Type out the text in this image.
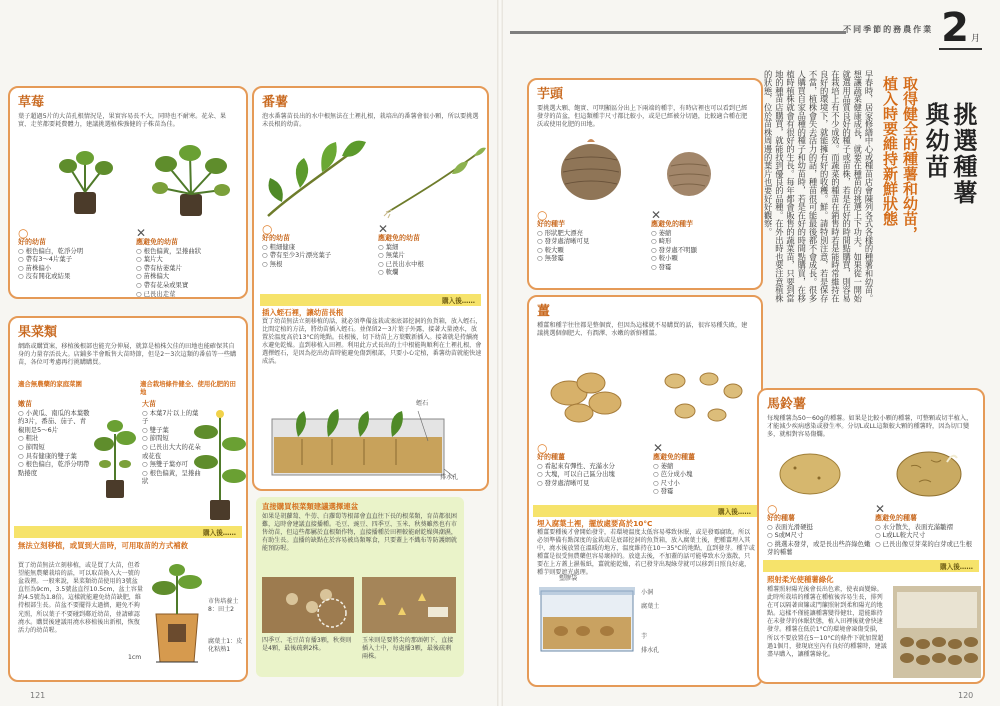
草莓
葉子超過5片的大苗孔根情況是，果實容易長不大，同時也不耐寒。花朵、果實、走莖都要耗費體力，建議挑選植株強健的子株苗為佳。
○
好的幼苗
○ 根色偏白，乾淨分明
○ 帶有3～4片葉子
○ 苗株偏小
○ 沒有開花或結果
✕
應避免的幼苗
○ 根色偏黃，呈捲曲狀
○ 葉片大
○ 帶有枯萎葉片
○ 苗株偏大
○ 帶有花朵或果實
○ 已長出走莖
番薯
泡水番薯苗長出的水中根無法在土裡扎根，栽培出的番薯會很小顆，所以要挑選未長根的幼苗。
○
好的幼苗
○ 粗細健康
○ 帶有至少3片漂亮葉子
○ 無根
✕
應避免的幼苗
○ 葉細
○ 無葉片
○ 已長出水中根
○ 軟爛
購入後……
插入蛭石裡，讓幼苗長根
買了幼苗無法立刻移植的話，就必須準備盆栽或塞底部挖洞的魚貨箱，放入蛭石，比間定植的方法，將幼苗插入蛭石。並保留2～3片葉子外露，接著大量澆水，放置於溫度高於13°C的地點。長根後，切下幼苗上方葉數新插入。接著就是持續澆水避免乾燥。直到移植入田裡。利用此方式長出的土中根能夠順利在土裡扎根，會選擇蛭石，是因為挖出幼苗時能避免傷到根部，只要小心定植，番薯幼苗就能快速成活。
蛭石
排水孔
果菜類
網路或購買案，移植後根部也能充分伸展，就算是植株欠佳的田地也能確保其自身的力量存活長大。店鋪多半會販售大苗時節，但是2～3次這類的番茄等一些購苗，各位可考慮再行挑購購買。
適合無農藥的家庭菜園	適合栽培條件健全、使用化肥的田地
嫩苗
○ 小黃瓜、南瓜的本葉數約3片，番茄、茄子、青椒則是5～6片
○ 粗壯
○ 節間短
○ 具有健康的雙子葉
○ 根色偏白，乾淨分明帶點捲度
大苗
○ 本葉7片以上的葉子
○ 雙子葉
○ 節間短
○ 已長出大大的花朵或花苞
○ 無雙子葉亦可
○ 根色偏黃，呈捲曲狀
購入後……
無法立刻移植，或買到大苗時，可用取苗的方式補救
買了幼苗無法立刻移植，或是買了大苗，但希望能無農藥栽培的話，可以取苗換入大一號的盆栽裡。一般來說，果菜類幼苗使用的3號盆直徑為9cm，3.5號盆直徑10.5cm，盆土容量約4.5號為1.8倍。這樣就能避免幼苗缺肥，維持根部生長。苗盆不要擺得太過擠，避免不夠光照，所以葉子不要碰到鄰近幼苗，並請確認澆水。購買後建議用澆水移植後出新根，恢復活力的幼苗喔。
市售培養土8：田土2
腐葉土1：皮化粘熟1
1cm
直接購買根菜類建議選擇連盆
如果是胡蘿蔔、牛蒡、白蘿蔔等根部會直直往下長的根菜類，育苗都很困難，這時會建議直接播種。毛豆、豌豆、四季豆、玉米、秋葵雖然也有市售幼苗，但這些都屬於直根類作物，直接播種於田裡較能耐乾燥與潮濕，有助生長。直播的缺點在於容易被鳥類啄食，只要蓋上不織布等防護網就能預防喔。
四季豆、毛豆苗育播3顆，秋葵則是4顆，最後疏剩2株。
玉米則是要將尖的那頭朝下，直接插入土中，每處播3顆，最後疏剩兩株。
121
不同季節的務農作業 2 月
挑選種薯
與幼苗
取得健全的種薯和幼苗，
植入時要維持新鮮狀態
早春時，居家修繕中心或種苗店會陳列各式各樣的種薯和幼苗。想讓蔬菜健康成長，就要在種苗的挑選上下功夫。如果從一開始就選用品質良好的種子或苗株，若是在好的時間點購買，則容易在栽培上有不少成效。而蔬菜的種苗在銷售時若是能時常維持在良好的環境下，就能擁有好的收穫。鮮。請特別注意，若是保存不當，植株會失去活力的話，種苗很可能最後都不會成長。很多人購買自家品種的種子和幼苗時，若是在好的時間點購買，在移植時植株就會有很好的生長。每年都會販售的蔬菜苗，只要到當地的種苗店購買，就能找到優良的品種。在外出時也要注意植株的狀態，位於苗株周邊的葉片也要好好觀察。
芋頭
要挑選大顆、飽實、可明顯區分出上下兩端的種芋，有時店裡也可以看到已經發芽的苗盆，但這類種芋尺寸都比較小，或是已經被分切過，比較適合種在肥沃或使用化肥的田地。
○
好的種芋
○ 形狀肥大漂亮
○ 發芽處清晰可見
○ 較大顆
○ 無發霉
✕
應避免的種芋
○ 萎縮
○ 畸形
○ 發芽處不明顯
○ 較小顆
○ 發霉
薑
種薑和種芋往往都是整個賣，但因為這樣就不易購買的話，很容易種失敗，建議挑選個個肥大、有潤澤、水嫩的新鮮種薑。
○
好的種薑
○ 看起來有彈性、充滿水分
○ 大塊，可以自己區分出塊
○ 發芽處清晰可見
✕
應避免的種薑
○ 萎縮
○ 芭分成小塊
○ 尺寸小
○ 發霉
購入後……
埋入腐葉土裡，擺放處要高於10°C
種薑要種後才會開始發芽，若環境溫度太低容易導致休眠，或是發霉腐敗。所以必須準備有點深度的盆栽或是底部挖洞的魚貨箱，放入腐葉土後，把種薑埋入其中，澆水後放置在溫暖的地方，溫度維持在10～35°C的地點，直到發芽。種芋或種薑是很受無農藥但容易壞掉的。放進去後，不加蓋的話可能導致水分蒸散，只要在上方蓋上濕報紙，薑就能乾燥，若已發芽出現綠芽就可以移到日照良好處，種芋則要遮光處理。
塑膠袋
小洞
腐葉土
芋
排水孔
馬鈴薯
每塊種薯為50～60g的種薯。如果是比較小顆的種薯，可整顆或切半植入，才能減少疾病感染或發生率。分切L或LL這類較大顆的種薯時，因為切口變多，就相對容易傷爛。
○
好的種薯
○ 表面光滑硬挺
○ S或M尺寸
○ 挑選未發芽，或是長出些許綠色嫩芽的種薯
✕
應避免的種薯
○ 水分散失，表面充滿皺褶
○ L或LL較大尺寸
○ 已長出像豆芽菜的白芽或已生根
購入後……
照射柔光使種薯綠化
種薯照射陽光後會長出色素，使表面變綠。此時所栽培的種薯在種植後容易生長，排列在可以隔著窗簾或門簾照射到柔和陽光的地點。這樣不僅能讓種薯變得健壯，還能維持在未發芽的休眠狀態，植入田裡後就會快速發芽。種薯在低於1°C的環境會凍傷受損，所以不要放置在5～10°C的條件下就加置超過1個月，發現底室內有良好的種薯時，建議盡早購入，讓種薯綠化。
120
